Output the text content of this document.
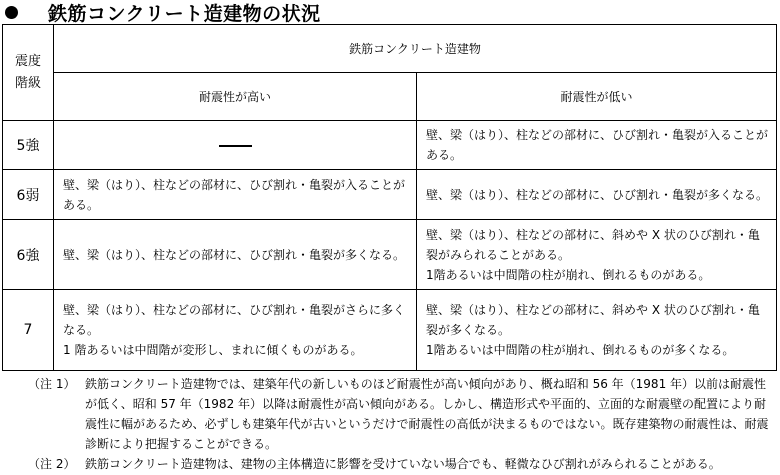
鉄筋コンクリート造建物の状況
震度
階級	鉄筋コンクリート造建物	
	耐震性が高い	耐震性が低い
5強		壁、梁（はり）、柱などの部材に、ひび割れ・亀裂が入ることが
ある。

6弱	壁、梁（はり）、柱などの部材に、ひび割れ・亀裂が入ることが
ある。	壁、梁（はり）、柱などの部材に、ひび割れ・亀裂が多くなる。

6強	壁、梁（はり）、柱などの部材に、ひび割れ・亀裂が多くなる。	壁、梁（はり）、柱などの部材に、斜めや X 状のひび割れ・亀
裂がみられることがある。
1階あるいは中間階の柱が崩れ、倒れるものがある。

7	壁、梁（はり）、柱などの部材に、ひび割れ・亀裂がさらに多く
なる。
1 階あるいは中間階が変形し、まれに傾くものがある。	壁、梁（はり）、柱などの部材に、斜めや X 状のひび割れ・亀
裂が多くなる。
1階あるいは中間階の柱が崩れ、倒れるものが多くなる。
（注 1） 鉄筋コンクリート造建物では、建築年代の新しいものほど耐震性が高い傾向があり、概ね昭和 56 年（1981 年）以前は耐震性が低く、昭和 57 年（1982 年）以降は耐震性が高い傾向がある。しかし、構造形式や平面的、立面的な耐震壁の配置により耐震性に幅があるため、必ずしも建築年代が古いというだけで耐震性の高低が決まるものではない。既存建築物の耐震性は、耐震診断により把握することができる。
（注 2） 鉄筋コンクリート造建物は、建物の主体構造に影響を受けていない場合でも、軽微なひび割れがみられることがある。
